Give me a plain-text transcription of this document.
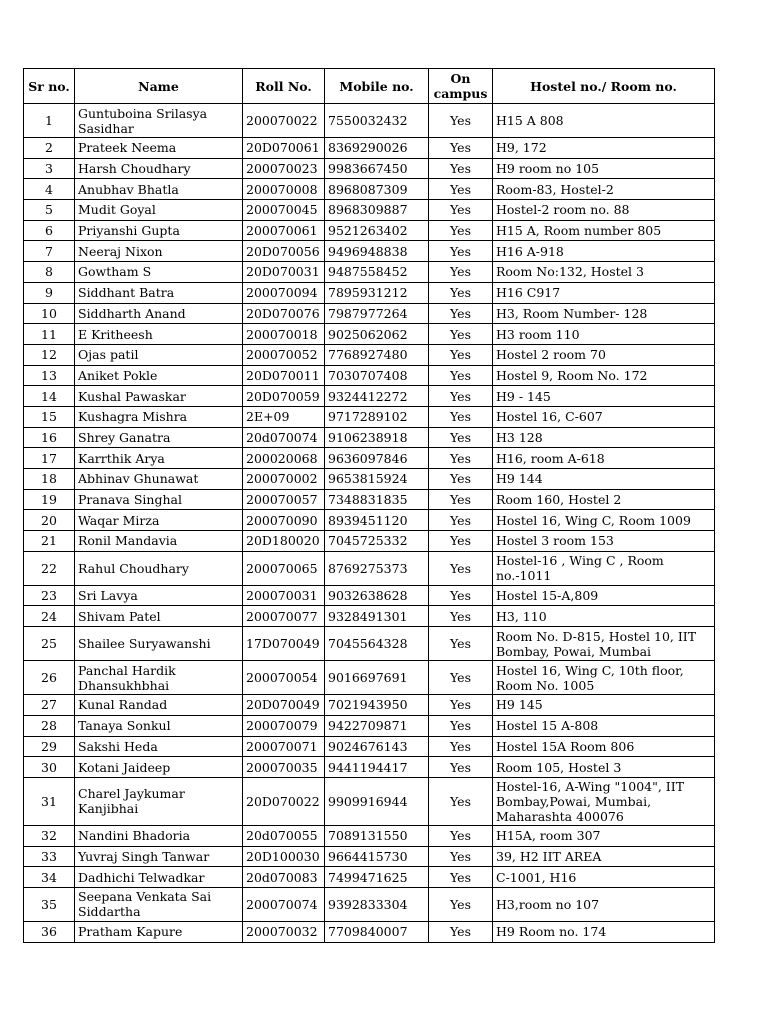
Sr no.	Name	Roll No.	Mobile no.	On campus	Hostel no./ Room no.
1	Guntuboina Srilasya Sasidhar	200070022	7550032432	Yes	H15 A 808
2	Prateek Neema	20D070061	8369290026	Yes	H9, 172
3	Harsh Choudhary	200070023	9983667450	Yes	H9 room no 105
4	Anubhav Bhatla	200070008	8968087309	Yes	Room-83, Hostel-2
5	Mudit Goyal	200070045	8968309887	Yes	Hostel-2 room no. 88
6	Priyanshi Gupta	200070061	9521263402	Yes	H15 A, Room number 805
7	Neeraj Nixon	20D070056	9496948838	Yes	H16 A-918
8	Gowtham S	20D070031	9487558452	Yes	Room No:132, Hostel 3
9	Siddhant Batra	200070094	7895931212	Yes	H16 C917
10	Siddharth Anand	20D070076	7987977264	Yes	H3, Room Number- 128
11	E Kritheesh	200070018	9025062062	Yes	H3 room 110
12	Ojas patil	200070052	7768927480	Yes	Hostel 2 room 70
13	Aniket Pokle	20D070011	7030707408	Yes	Hostel 9, Room No. 172
14	Kushal Pawaskar	20D070059	9324412272	Yes	H9 - 145
15	Kushagra Mishra	2E+09	9717289102	Yes	Hostel 16, C-607
16	Shrey Ganatra	20d070074	9106238918	Yes	H3 128
17	Karrthik Arya	200020068	9636097846	Yes	H16, room A-618
18	Abhinav Ghunawat	200070002	9653815924	Yes	H9 144
19	Pranava Singhal	200070057	7348831835	Yes	Room 160, Hostel 2
20	Waqar Mirza	200070090	8939451120	Yes	Hostel 16, Wing C, Room 1009
21	Ronil Mandavia	20D180020	7045725332	Yes	Hostel 3 room 153
22	Rahul Choudhary	200070065	8769275373	Yes	Hostel-16 , Wing C , Room no.-1011
23	Sri Lavya	200070031	9032638628	Yes	Hostel 15-A,809
24	Shivam Patel	200070077	9328491301	Yes	H3, 110
25	Shailee Suryawanshi	17D070049	7045564328	Yes	Room No. D-815, Hostel 10, IIT Bombay, Powai, Mumbai
26	Panchal Hardik Dhansukhbhai	200070054	9016697691	Yes	Hostel 16, Wing C, 10th floor, Room No. 1005
27	Kunal Randad	20D070049	7021943950	Yes	H9 145
28	Tanaya Sonkul	200070079	9422709871	Yes	Hostel 15 A-808
29	Sakshi Heda	200070071	9024676143	Yes	Hostel 15A Room 806
30	Kotani Jaideep	200070035	9441194417	Yes	Room 105, Hostel 3
31	Charel Jaykumar Kanjibhai	20D070022	9909916944	Yes	Hostel-16, A-Wing "1004", IIT Bombay,Powai, Mumbai, Maharashta 400076
32	Nandini Bhadoria	20d070055	7089131550	Yes	H15A, room 307
33	Yuvraj Singh Tanwar	20D100030	9664415730	Yes	39, H2 IIT AREA
34	Dadhichi Telwadkar	20d070083	7499471625	Yes	C-1001, H16
35	Seepana Venkata Sai Siddartha	200070074	9392833304	Yes	H3,room no 107
36	Pratham Kapure	200070032	7709840007	Yes	H9 Room no. 174
